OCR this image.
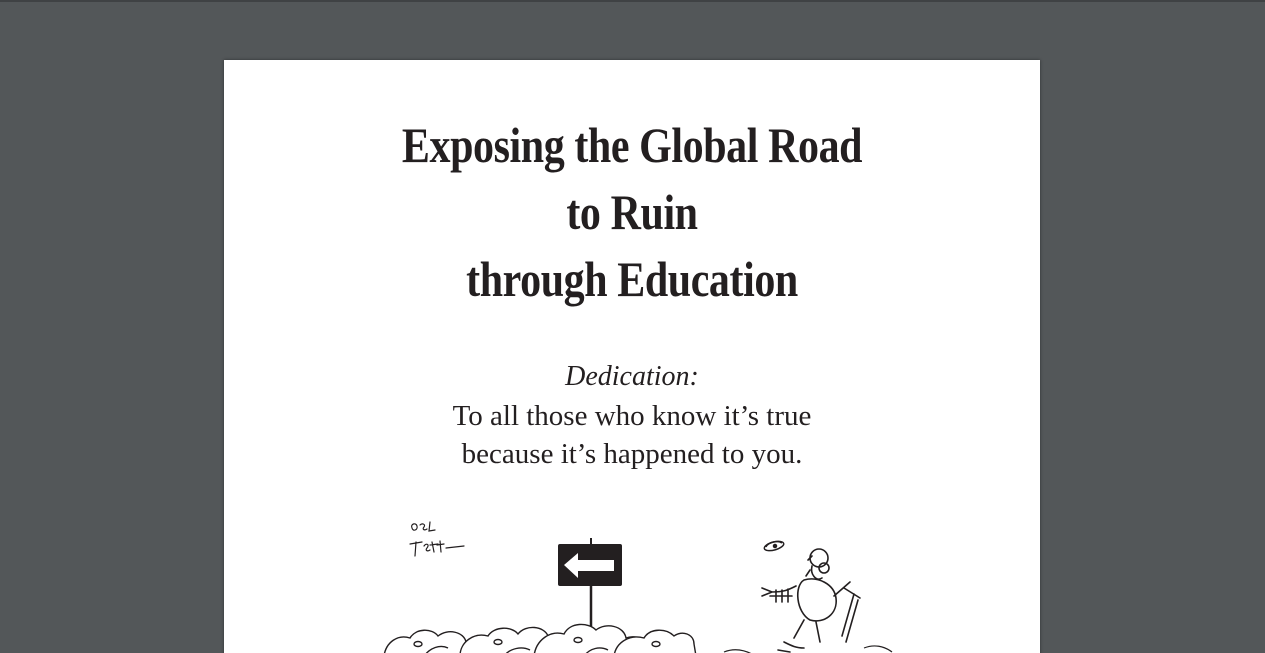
Exposing the Global Road
to Ruin
through Education
Dedication:
To all those who know it’s true
because it’s happened to you.
